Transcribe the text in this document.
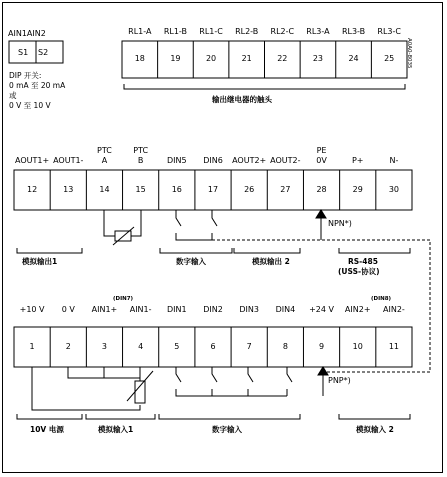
AIN1AIN2
S1 S2
DIP 开关:
0 mA 至 20 mA
或
0 V 至 10 V
RL1-A
18
RL1-B
19
RL1-C
20
RL2-B
21
RL2-C
22
RL3-A
23
RL3-B
24
RL3-C
25	A0A0-8035
输出继电器的触头
AOUT1+
12
AOUT1-
13
PTC
A
14
PTC
B
15
DIN5
16
DIN6
17
AOUT2+
26
AOUT2-
27
PE
0V
28
P+
29
N-
30
NPN*)
模拟输出1	数字输入	模拟输出 2	RS-485
(USS-协议)
+10 V
1
0 V
2
AIN1+
3
AIN1-
4
DIN1
5
DIN2
6
DIN3
7
DIN4
8
+24 V
9
AIN2+
10
AIN2-
11
(DIN7)	(DIN8)
PNP*)
10V 电源	模拟输入1	数字输入	模拟输入 2
